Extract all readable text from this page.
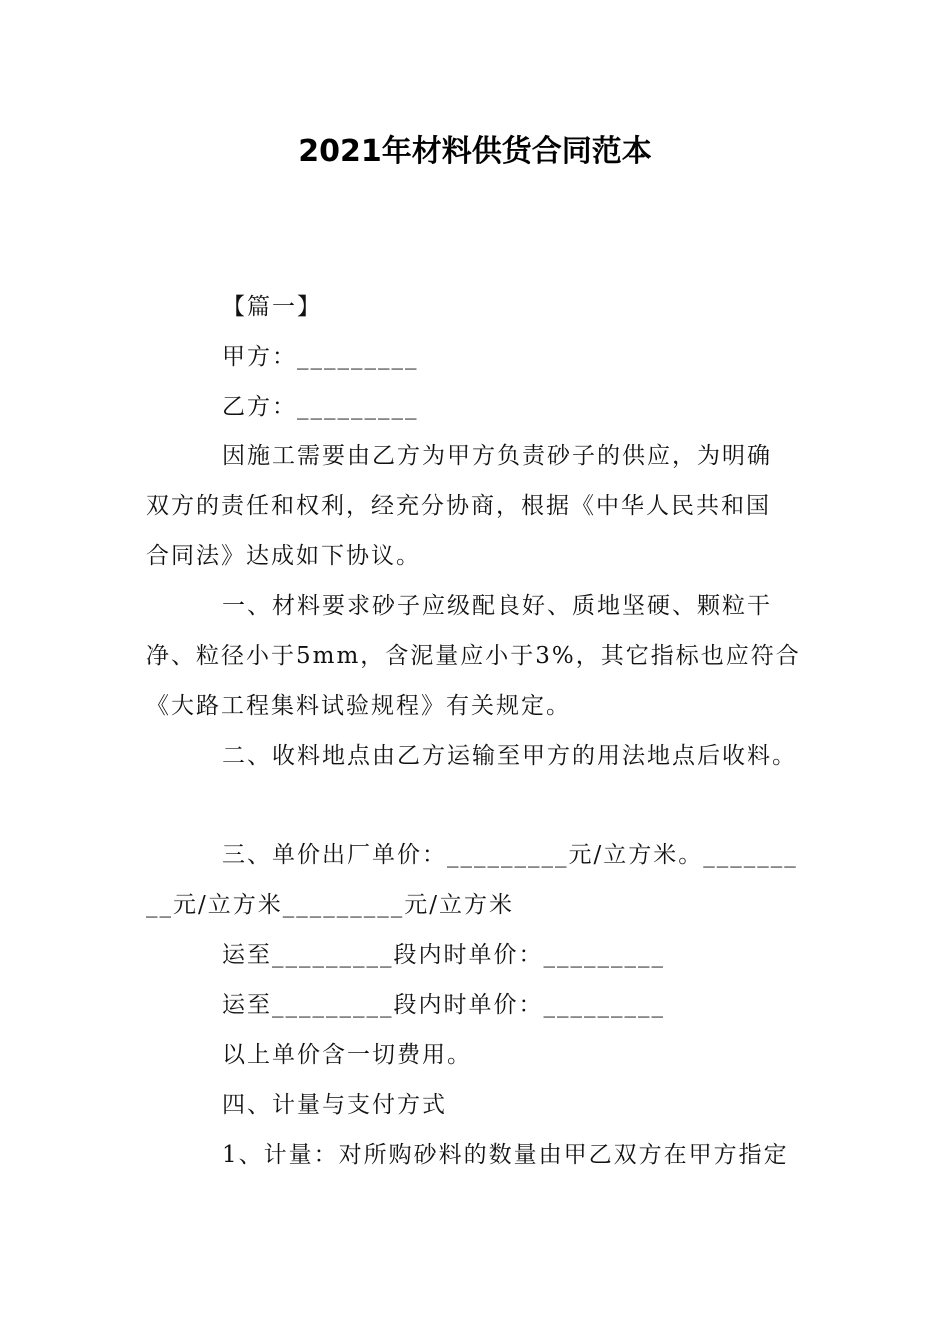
2021年材料供货合同范本
【篇一】
甲方：_________
乙方：_________
因施工需要由乙方为甲方负责砂子的供应，为明确
双方的责任和权利，经充分协商，根据《中华人民共和国
合同法》达成如下协议。
一、材料要求砂子应级配良好、质地坚硬、颗粒干
净、粒径小于5mm，含泥量应小于3%，其它指标也应符合
《大路工程集料试验规程》有关规定。
二、收料地点由乙方运输至甲方的用法地点后收料。
三、单价出厂单价：_________元/立方米。_______
__元/立方米_________元/立方米
运至_________段内时单价：_________
运至_________段内时单价：_________
以上单价含一切费用。
四、计量与支付方式
1、计量：对所购砂料的数量由甲乙双方在甲方指定
